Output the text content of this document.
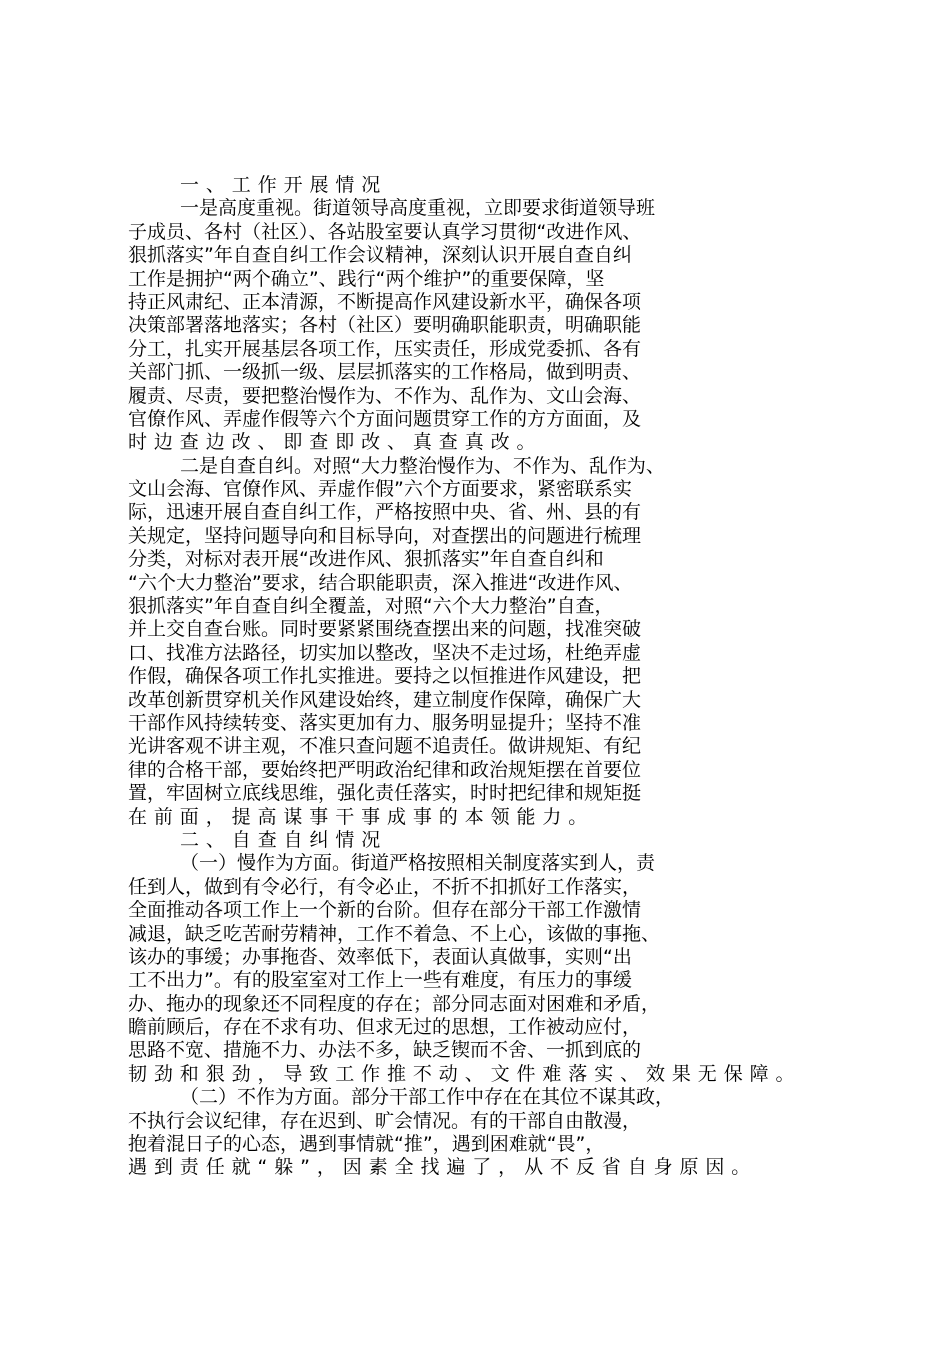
一、工作开展情况
一是高度重视。街道领导高度重视，立即要求街道领导班
子成员、各村（社区）、各站股室要认真学习贯彻“改进作风、
狠抓落实”年自查自纠工作会议精神，深刻认识开展自查自纠
工作是拥护“两个确立”、践行“两个维护”的重要保障，坚
持正风肃纪、正本清源，不断提高作风建设新水平，确保各项
决策部署落地落实；各村（社区）要明确职能职责，明确职能
分工，扎实开展基层各项工作，压实责任，形成党委抓、各有
关部门抓、一级抓一级、层层抓落实的工作格局，做到明责、
履责、尽责，要把整治慢作为、不作为、乱作为、文山会海、
官僚作风、弄虚作假等六个方面问题贯穿工作的方方面面，及
时边查边改、即查即改、真查真改。
二是自查自纠。对照“大力整治慢作为、不作为、乱作为、
文山会海、官僚作风、弄虚作假”六个方面要求，紧密联系实
际，迅速开展自查自纠工作，严格按照中央、省、州、县的有
关规定，坚持问题导向和目标导向，对查摆出的问题进行梳理
分类，对标对表开展“改进作风、狠抓落实”年自查自纠和
“六个大力整治”要求，结合职能职责，深入推进“改进作风、
狠抓落实”年自查自纠全覆盖，对照“六个大力整治”自查，
并上交自查台账。同时要紧紧围绕查摆出来的问题，找准突破
口、找准方法路径，切实加以整改，坚决不走过场，杜绝弄虚
作假，确保各项工作扎实推进。要持之以恒推进作风建设，把
改革创新贯穿机关作风建设始终，建立制度作保障，确保广大
干部作风持续转变、落实更加有力、服务明显提升；坚持不准
光讲客观不讲主观，不准只查问题不追责任。做讲规矩、有纪
律的合格干部，要始终把严明政治纪律和政治规矩摆在首要位
置，牢固树立底线思维，强化责任落实，时时把纪律和规矩挺
在前面，提高谋事干事成事的本领能力。
二、自查自纠情况
（一）慢作为方面。街道严格按照相关制度落实到人，责
任到人，做到有令必行，有令必止，不折不扣抓好工作落实，
全面推动各项工作上一个新的台阶。但存在部分干部工作激情
减退，缺乏吃苦耐劳精神，工作不着急、不上心，该做的事拖、
该办的事缓；办事拖沓、效率低下，表面认真做事，实则“出
工不出力”。有的股室室对工作上一些有难度，有压力的事缓
办、拖办的现象还不同程度的存在；部分同志面对困难和矛盾，
瞻前顾后，存在不求有功、但求无过的思想，工作被动应付，
思路不宽、措施不力、办法不多，缺乏锲而不舍、一抓到底的
韧劲和狠劲，导致工作推不动、文件难落实、效果无保障。
（二）不作为方面。部分干部工作中存在在其位不谋其政，
不执行会议纪律，存在迟到、旷会情况。有的干部自由散漫，
抱着混日子的心态，遇到事情就“推”，遇到困难就“畏”，
遇到责任就“躲”，因素全找遍了，从不反省自身原因。
